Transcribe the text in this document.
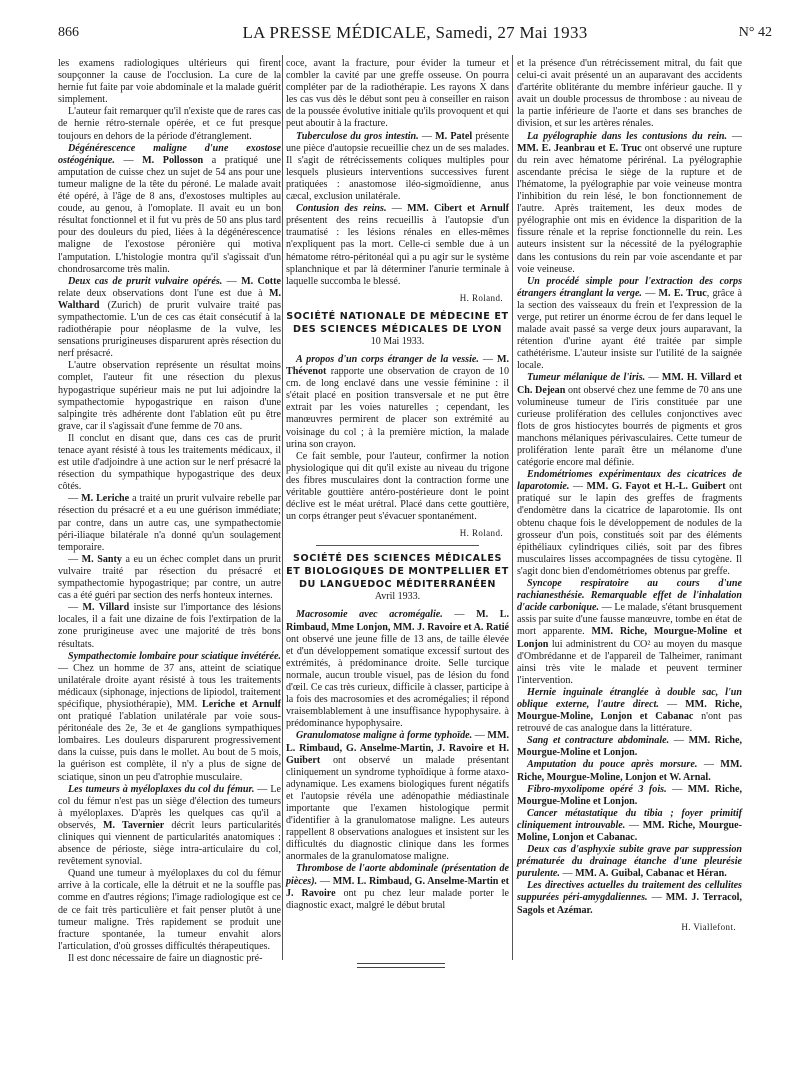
866	LA PRESSE MÉDICALE, Samedi, 27 Mai 1933	N° 42

les examens radiologiques ultérieurs qui firent soupçonner la cause de l'occlusion. La cure de la hernie fut faite par voie abdominale et la malade guérit simplement.

L'auteur fait remarquer qu'il n'existe que de rares cas de hernie rétro-sternale opérée, et ce fut presque toujours en dehors de la période d'étranglement.

Dégénérescence maligne d'une exostose ostéogénique. — M. Pollosson a pratiqué une amputation de cuisse chez un sujet de 54 ans pour une tumeur maligne de la tête du péroné. Le malade avait été opéré, à l'âge de 8 ans, d'exostoses multiples au coude, au genou, à l'omoplate. Il avait eu un bon résultat fonctionnel et il fut vu près de 50 ans plus tard pour des douleurs du pied, liées à la dégénérescence maligne de l'exostose péronière qui motiva l'amputation. L'histologie montra qu'il s'agissait d'un chondrosarcome très malin.

Deux cas de prurit vulvaire opérés. — M. Cotte relate deux observations dont l'une est due à M. Walthard (Zurich) de prurit vulvaire traité pas sympathectomie. L'un de ces cas était consécutif à la radiothérapie pour néoplasme de la vulve, les sensations prurigineuses disparurent après résection du nerf présacré.

L'autre observation représente un résultat moins complet, l'auteur fit une résection du plexus hypogastrique supérieur mais ne put lui adjoindre la sympathectomie hypogastrique en raison d'une salpingite très adhérente dont l'ablation eût pu être grave, car il s'agissait d'une femme de 70 ans.

Il conclut en disant que, dans ces cas de prurit tenace ayant résisté à tous les traitements médicaux, il est utile d'adjoindre à une action sur le nerf présacré la résection du sympathique hypogastrique des deux côtés.

— M. Leriche a traité un prurit vulvaire rebelle par résection du présacré et a eu une guérison immédiate; par contre, dans un autre cas, une sympathectomie péri-iliaque bilatérale n'a donné qu'un soulagement temporaire.

— M. Santy a eu un échec complet dans un prurit vulvaire traité par résection du présacré et sympathectomie hypogastrique; par contre, un autre cas a été guéri par section des nerfs honteux internes.

— M. Villard insiste sur l'importance des lésions locales, il a fait une dizaine de fois l'extirpation de la zone prurigineuse avec une majorité de très bons résultats.

Sympathectomie lombaire pour sciatique invétérée. — Chez un homme de 37 ans, atteint de sciatique unilatérale droite ayant résisté à tous les traitements médicaux (siphonage, injections de lipiodol, traitement spécifique, physiothérapie), MM. Leriche et Arnulf ont pratiqué l'ablation unilatérale par voie sous-péritonéale des 2e, 3e et 4e ganglions sympathiques lombaires. Les douleurs disparurent progressivement dans la cuisse, puis dans le mollet. Au bout de 5 mois, la guérison est complète, il n'y a plus de signe de sciatique, sinon un peu d'atrophie musculaire.

Les tumeurs à myéloplaxes du col du fémur. — Le col du fémur n'est pas un siège d'élection des tumeurs à myéloplaxes. D'après les quelques cas qu'il a observés, M. Tavernier décrit leurs particularités cliniques qui viennent de particularités anatomiques : absence de périoste, siège intra-articulaire du col, revêtement synovial.

Quand une tumeur à myéloplaxes du col du fémur arrive à la corticale, elle la détruit et ne la souffle pas comme en d'autres régions; l'image radiologique est ce de ce fait très particulière et fait penser plutôt à une tumeur maligne. Très rapidement se produit une fracture spontanée, la tumeur envahit alors l'articulation, d'où grosses difficultés thérapeutiques.

Il est donc nécessaire de faire un diagnostic pré-

coce, avant la fracture, pour évider la tumeur et combler la cavité par une greffe osseuse. On pourra compléter par de la radiothérapie. Les rayons X dans les cas vus dès le début sont peu à conseiller en raison de la poussée évolutive initiale qu'ils provoquent et qui peut aboutir à la fracture.

Tuberculose du gros intestin. — M. Patel présente une pièce d'autopsie recueillie chez un de ses malades. Il s'agit de rétrécissements coliques multiples pour lesquels plusieurs interventions successives furent pratiquées : anastomose iléo-sigmoïdienne, anus cæcal, exclusion unilatérale.

Contusion des reins. — MM. Cibert et Arnulf présentent des reins recueillis à l'autopsie d'un traumatisé : les lésions rénales en elles-mêmes n'expliquent pas la mort. Celle-ci semble due à un hématome rétro-péritonéal qui a pu agir sur le système splanchnique et par là déterminer l'anurie terminale à laquelle succomba le blessé.

H. Roland.

SOCIÉTÉ NATIONALE DE MÉDECINE ET DES SCIENCES MÉDICALES DE LYON

10 Mai 1933.

A propos d'un corps étranger de la vessie. — M. Thévenot rapporte une observation de crayon de 10 cm. de long enclavé dans une vessie féminine : il s'était placé en position transversale et ne put être extrait par les voies naturelles ; cependant, les manœuvres permirent de placer son extrémité au voisinage du col ; à la première miction, la malade urina son crayon.

Ce fait semble, pour l'auteur, confirmer la notion physiologique qui dit qu'il existe au niveau du trigone des fibres musculaires dont la contraction forme une véritable gouttière antéro-postérieure dont le point déclive est le méat urétral. Placé dans cette gouttière, un corps étranger peut s'évacuer spontanément.

H. Roland.

SOCIÉTÉ DES SCIENCES MÉDICALES ET BIOLOGIQUES DE MONTPELLIER ET DU LANGUEDOC MÉDITERRANÉEN

Avril 1933.

Macrosomie avec acromégalie. — M. L. Rimbaud, Mme Lonjon, MM. J. Ravoire et A. Ratié ont observé une jeune fille de 13 ans, de taille élevée et d'un développement somatique excessif surtout des extrémités, à prédominance droite. Selle turcique normale, aucun trouble visuel, pas de lésion du fond d'œil. Ce cas très curieux, difficile à classer, participe à la fois des macrosomies et des acromégalies; il répond vraisemblablement à une insuffisance hypophysaire. à prédominance hypophysaire.

Granulomatose maligne à forme typhoïde. — MM. L. Rimbaud, G. Anselme-Martin, J. Ravoire et H. Guibert ont observé un malade présentant cliniquement un syndrome typhoïdique à forme ataxo-adynamique. Les examens biologiques furent négatifs et l'autopsie révéla une adénopathie médiastinale importante que l'examen histologique permit d'identifier à la granulomatose maligne. Les auteurs rappellent 8 observations analogues et insistent sur les difficultés du diagnostic clinique dans les formes anormales de la granulomatose maligne.

Thrombose de l'aorte abdominale (présentation de pièces). — MM. L. Rimbaud, G. Anselme-Martin et J. Ravoire ont pu chez leur malade porter le diagnostic exact, malgré le début brutal

et la présence d'un rétrécissement mitral, du fait que celui-ci avait présenté un an auparavant des accidents d'artérite oblitérante du membre inférieur gauche. Il y avait un double processus de thrombose : au niveau de la partie inférieure de l'aorte et dans ses branches de division, et sur les artères rénales.

La pyélographie dans les contusions du rein. — MM. E. Jeanbrau et E. Truc ont observé une rupture du rein avec hématome périrénal. La pyélographie ascendante précisa le siège de la rupture et de l'hématome, la pyélographie par voie veineuse montra l'inhibition du rein lésé, le bon fonctionnement de l'autre. Après traitement, les deux modes de pyélographie ont mis en évidence la disparition de la fissure rénale et la reprise fonctionnelle du rein. Les auteurs insistent sur la nécessité de la pyélographie dans les contusions du rein par voie ascendante et par voie veineuse.

Un procédé simple pour l'extraction des corps étrangers étranglant la verge. — M. E. Truc, grâce à la section des vaisseaux du frein et l'expression de la verge, put retirer un énorme écrou de fer dans lequel le malade avait passé sa verge deux jours auparavant, la rétention d'urine ayant été traitée par simple cathétérisme. L'auteur insiste sur l'utilité de la saignée locale.

Tumeur mélanique de l'iris. — MM. H. Villard et Ch. Dejean ont observé chez une femme de 70 ans une volumineuse tumeur de l'iris constituée par une curieuse prolifération des cellules conjonctives avec flots de gros histiocytes bourrés de pigments et gros manchons mélaniques périvasculaires. Cette tumeur de prolifération lente paraît être un mélanome d'une catégorie encore mal définie.

Endométriomes expérimentaux des cicatrices de laparotomie. — MM. G. Fayot et H.-L. Guibert ont pratiqué sur le lapin des greffes de fragments d'endomètre dans la cicatrice de laparotomie. Ils ont obtenu chaque fois le développement de nodules de la grosseur d'un pois, constitués soit par des éléments épithéliaux cylindriques ciliés, soit par des fibres musculaires lisses accompagnées de tissu cytogène. Il s'agit donc bien d'endométriomes obtenus par greffe.

Syncope respiratoire au cours d'une rachianesthésie. Remarquable effet de l'inhalation d'acide carbonique. — Le malade, s'étant brusquement assis par suite d'une fausse manœuvre, tombe en état de mort apparente. MM. Riche, Mourgue-Moline et Lonjon lui administrent du CO² au moyen du masque d'Ombrédanne et de l'appareil de Talheimer, ranimant ainsi très vite le malade et peuvent terminer l'intervention.

Hernie inguinale étranglée à double sac, l'un oblique externe, l'autre direct. — MM. Riche, Mourgue-Moline, Lonjon et Cabanac n'ont pas retrouvé de cas analogue dans la littérature.

Sang et contracture abdominale. — MM. Riche, Mourgue-Moline et Lonjon.

Amputation du pouce après morsure. — MM. Riche, Mourgue-Moline, Lonjon et W. Arnal.

Fibro-myxolipome opéré 3 fois. — MM. Riche, Mourgue-Moline et Lonjon.

Cancer métastatique du tibia ; foyer primitif cliniquement introuvable. — MM. Riche, Mourgue-Moline, Lonjon et Cabanac.

Deux cas d'asphyxie subite grave par suppression prématurée du drainage étanche d'une pleurésie purulente. — MM. A. Guibal, Cabanac et Héran.

Les directives actuelles du traitement des cellulites suppurées péri-amygdaliennes. — MM. J. Terracol, Sagols et Azémar.

H. Viallefont.
